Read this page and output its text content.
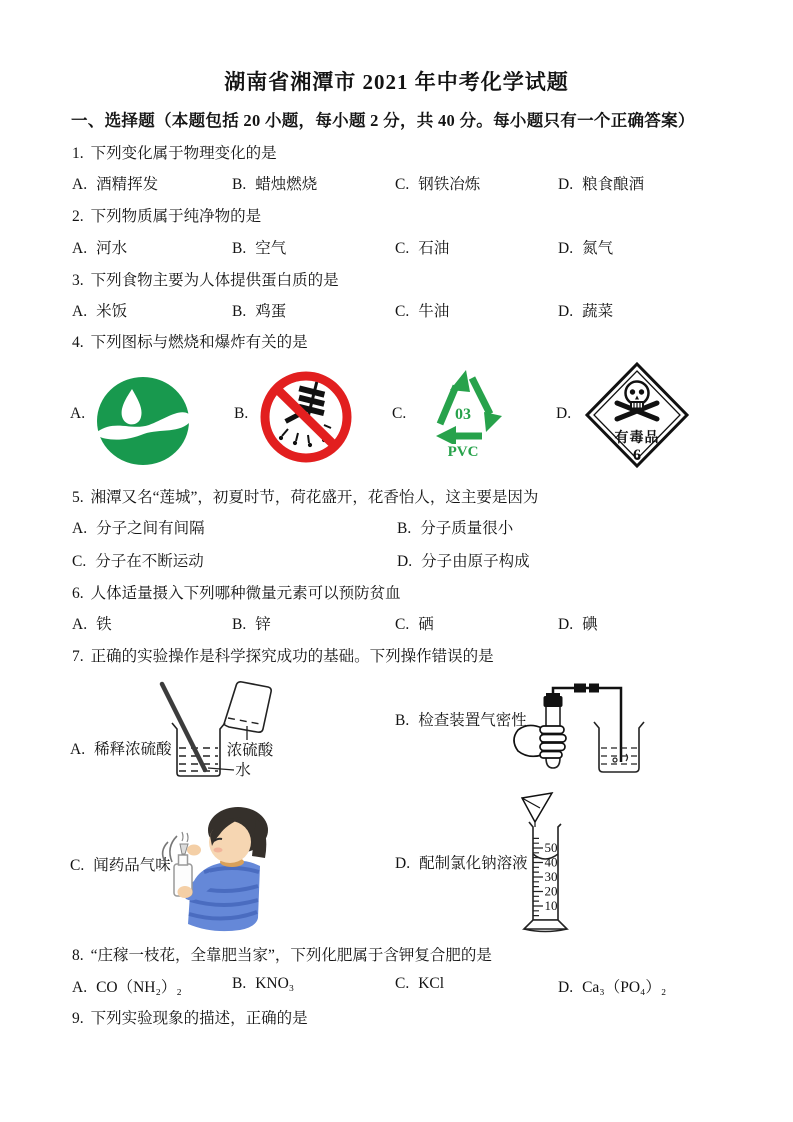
湖南省湘潭市 2021 年中考化学试题
一、选择题（本题包括 20 小题，每小题 2 分，共 40 分。每小题只有一个正确答案）
1. 下列变化属于物理变化的是
A. 酒精挥发	B. 蜡烛燃烧	C. 钢铁冶炼	D. 粮食酿酒
2. 下列物质属于纯净物的是
A. 河水	B. 空气	C. 石油	D. 氮气
3. 下列食物主要为人体提供蛋白质的是
A. 米饭	B. 鸡蛋	C. 牛油	D. 蔬菜
4. 下列图标与燃烧和爆炸有关的是
A.	B.	C.	D.
03
PVC
有毒品
6
5. 湘潭又名“莲城”，初夏时节，荷花盛开，花香怡人，这主要是因为
A. 分子之间有间隔	B. 分子质量很小
C. 分子在不断运动	D. 分子由原子构成
6. 人体适量摄入下列哪种微量元素可以预防贫血
A. 铁	B. 锌	C. 硒	D. 碘
7. 正确的实验操作是科学探究成功的基础。下列操作错误的是
A. 稀释浓硫酸
B. 检查装置气密性
C. 闻药品气味	D. 配制氯化钠溶液
浓硫酸
水
50
40
30
20
10
8. “庄稼一枝花，全靠肥当家”，下列化肥属于含钾复合肥的是
A. CO（NH₂）₂	B. KNO₃	C. KCl	D. Ca₃（PO₄）₂
9. 下列实验现象的描述，正确的是
